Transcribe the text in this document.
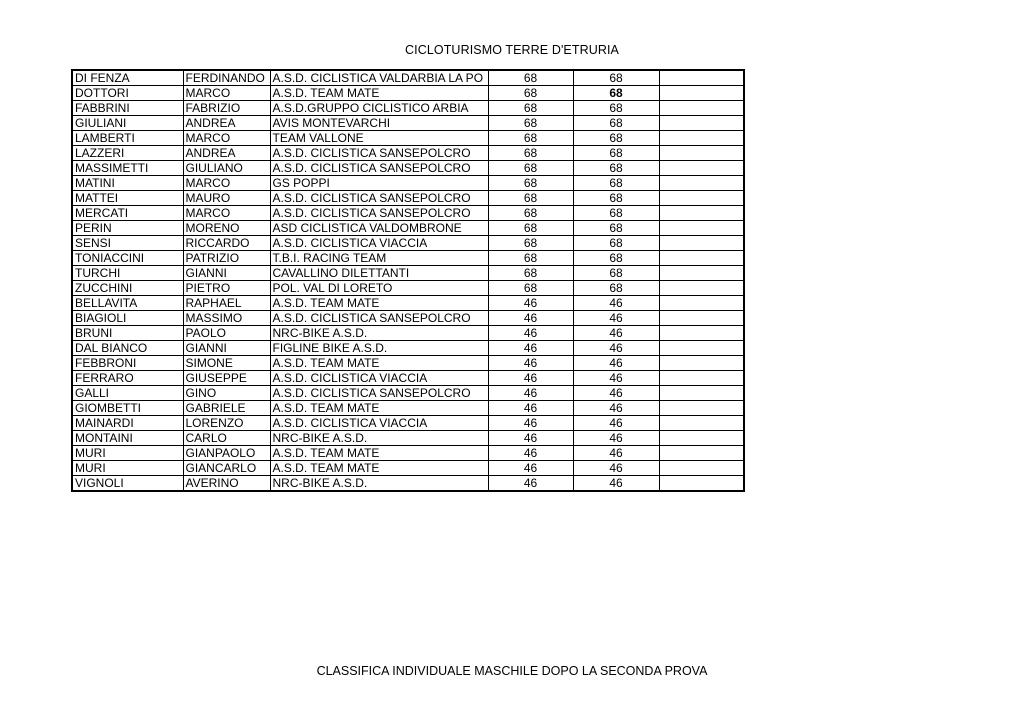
CICLOTURISMO TERRE D'ETRURIA
DI FENZA	FERDINANDO	A.S.D. CICLISTICA VALDARBIA LA PO	68	68	
DOTTORI	MARCO	A.S.D. TEAM MATE	68	68	
FABBRINI	FABRIZIO	A.S.D.GRUPPO CICLISTICO ARBIA	68	68	
GIULIANI	ANDREA	AVIS MONTEVARCHI	68	68	
LAMBERTI	MARCO	TEAM VALLONE	68	68	
LAZZERI	ANDREA	A.S.D. CICLISTICA SANSEPOLCRO	68	68	
MASSIMETTI	GIULIANO	A.S.D. CICLISTICA SANSEPOLCRO	68	68	
MATINI	MARCO	GS POPPI	68	68	
MATTEI	MAURO	A.S.D. CICLISTICA SANSEPOLCRO	68	68	
MERCATI	MARCO	A.S.D. CICLISTICA SANSEPOLCRO	68	68	
PERIN	MORENO	ASD CICLISTICA VALDOMBRONE	68	68	
SENSI	RICCARDO	A.S.D. CICLISTICA VIACCIA	68	68	
TONIACCINI	PATRIZIO	T.B.I. RACING TEAM	68	68	
TURCHI	GIANNI	CAVALLINO DILETTANTI	68	68	
ZUCCHINI	PIETRO	POL. VAL DI LORETO	68	68	
BELLAVITA	RAPHAEL	A.S.D. TEAM MATE	46	46	
BIAGIOLI	MASSIMO	A.S.D. CICLISTICA SANSEPOLCRO	46	46	
BRUNI	PAOLO	NRC-BIKE A.S.D.	46	46	
DAL BIANCO	GIANNI	FIGLINE BIKE A.S.D.	46	46	
FEBBRONI	SIMONE	A.S.D. TEAM MATE	46	46	
FERRARO	GIUSEPPE	A.S.D. CICLISTICA VIACCIA	46	46	
GALLI	GINO	A.S.D. CICLISTICA SANSEPOLCRO	46	46	
GIOMBETTI	GABRIELE	A.S.D. TEAM MATE	46	46	
MAINARDI	LORENZO	A.S.D. CICLISTICA VIACCIA	46	46	
MONTAINI	CARLO	NRC-BIKE A.S.D.	46	46	
MURI	GIANPAOLO	A.S.D. TEAM MATE	46	46	
MURI	GIANCARLO	A.S.D. TEAM MATE	46	46	
VIGNOLI	AVERINO	NRC-BIKE A.S.D.	46	46	
CLASSIFICA INDIVIDUALE MASCHILE DOPO LA SECONDA PROVA
